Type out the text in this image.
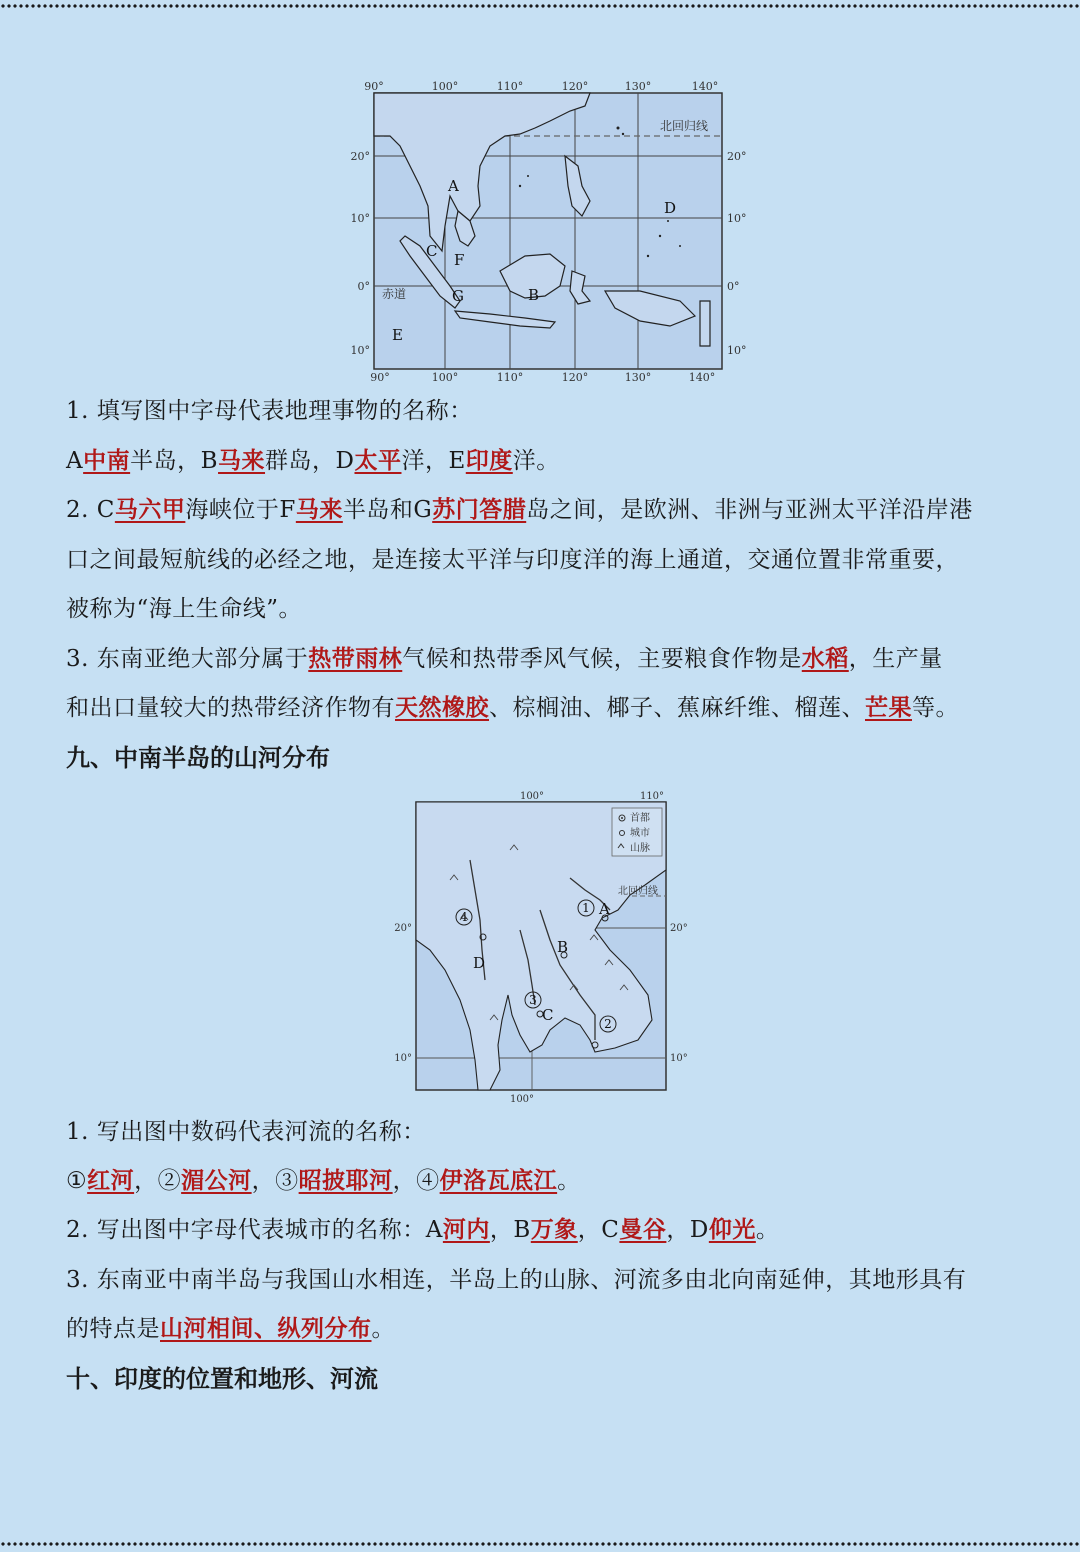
90°	100°	110°	120°	130°	140°
90°	100°	110°	120°	130°	140°
20°
10°
0°
10°
20°
10°
0°
10°
北回归线
赤道
A
B
C
D
E
F
G
1. 填写图中字母代表地理事物的名称：
A中南半岛，B马来群岛，D太平洋，E印度洋。
2. C马六甲海峡位于F马来半岛和G苏门答腊岛之间，是欧洲、非洲与亚洲太平洋沿岸港
口之间最短航线的必经之地，是连接太平洋与印度洋的海上通道，交通位置非常重要，
被称为“海上生命线”。
3. 东南亚绝大部分属于热带雨林气候和热带季风气候，主要粮食作物是水稻，生产量
和出口量较大的热带经济作物有天然橡胶、棕榈油、椰子、蕉麻纤维、榴莲、芒果等。
九、中南半岛的山河分布
首都
城市
山脉
100°	110°
100°
20°
10°
20°
10°
北回归线
A
B
C
D
1
2
3
4
1. 写出图中数码代表河流的名称：
①红河，②湄公河，③昭披耶河，④伊洛瓦底江。
2. 写出图中字母代表城市的名称：A河内，B万象，C曼谷，D仰光。
3. 东南亚中南半岛与我国山水相连，半岛上的山脉、河流多由北向南延伸，其地形具有
的特点是山河相间、纵列分布。
十、印度的位置和地形、河流
